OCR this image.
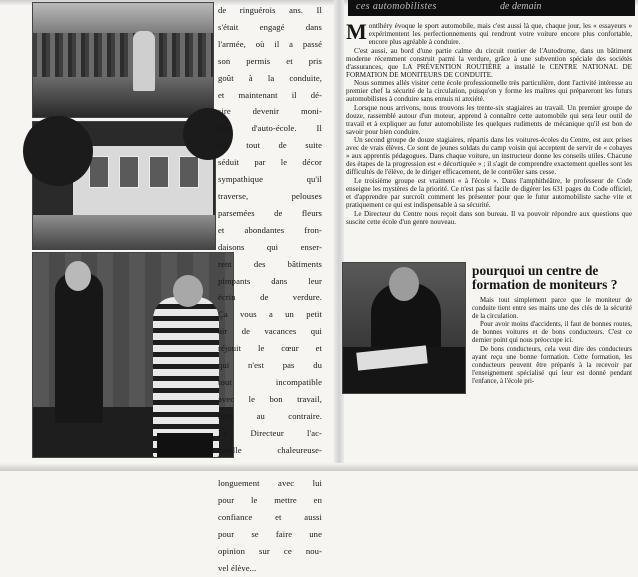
de ringuérois ans. Il
s'était engagé dans
l'armée, où il a passé
son permis et pris
goût à la conduite,
et maintenant il dé-
sire devenir moni-
teur d'auto-école. Il
est tout de suite
séduit par le décor
sympathique qu'il
traverse, pelouses
parsemées de fleurs
et abondantes fron-
daisons qui enser-
rent des bâtiments
pimpants dans leur
écrin de verdure.
Ça vous a un petit
air de vacances qui
réjouit le cœur et
qui n'est pas du
tout incompatible
avec le bon travail,
bien au contraire.
Le Directeur l'ac-
cueille chaleureuse-
longuement avec lui
pour le mettre en
confiance et aussi
pour se faire une
opinion sur ce nou-
vel élève...
ces automobilistes	de demain

Montlhéry évoque le sport automobile, mais c'est aussi là que, chaque jour, les « essayeurs » expérimentent les perfectionnements qui rendront votre voiture encore plus confortable, encore plus agréable à conduire.

C'est aussi, au bord d'une partie calme du circuit routier de l'Autodrome, dans un bâtiment moderne récemment construit parmi la verdure, grâce à une subvention spéciale des sociétés d'assurances, que LA PRÉVENTION ROUTIÈRE a installé le CENTRE NATIONAL DE FORMATION DE MONITEURS DE CONDUITE.

Nous sommes allés visiter cette école professionnelle très particulière, dont l'activité intéresse au premier chef la sécurité de la circulation, puisqu'on y forme les maîtres qui prépareront les futurs automobilistes à conduire sans ennuis ni anxiété.

Lorsque nous arrivons, nous trouvons les trente-six stagiaires au travail. Un premier groupe de douze, rassemblé autour d'un moteur, apprend à connaître cette automobile qui sera leur outil de travail et à expliquer au futur automobiliste les quelques rudiments de mécanique qu'il est bon de savoir pour bien conduire.

Un second groupe de douze stagiaires, répartis dans les voitures-écoles du Centre, est aux prises avec de vrais élèves. Ce sont de jeunes soldats du camp voisin qui acceptent de servir de « cobayes » aux apprentis pédagogues. Dans chaque voiture, un instructeur donne les conseils utiles. Chacune des étapes de la progression est « décortiquée » ; il s'agit de comprendre exactement quelles sont les difficultés de l'élève, de le diriger efficacement, de le contrôler sans cesse.

Le troisième groupe est vraiment « à l'école ». Dans l'amphithéâtre, le professeur de Code enseigne les mystères de la priorité. Ce n'est pas si facile de digérer les 631 pages du Code officiel, et d'apprendre par surcroît comment les présenter pour que le futur automobiliste sache vite et pratiquement ce qui est indispensable à sa sécurité.

Le Directeur du Centre nous reçoit dans son bureau. Il va pouvoir répondre aux questions que suscite cette école d'un genre nouveau.

pourquoi un centre de formation de moniteurs ?

Mais tout simplement parce que le moniteur de conduite tient entre ses mains une des clés de la sécurité de la circulation.

Pour avoir moins d'accidents, il faut de bonnes routes, de bonnes voitures et de bons conducteurs. C'est ce dernier point qui nous préoccupe ici.

De bons conducteurs, cela veut dire des conducteurs ayant reçu une bonne formation. Cette formation, les conducteurs peuvent être préparés à la recevoir par l'enseignement spécialisé qui leur est donné pendant l'enfance, à l'école pri-
